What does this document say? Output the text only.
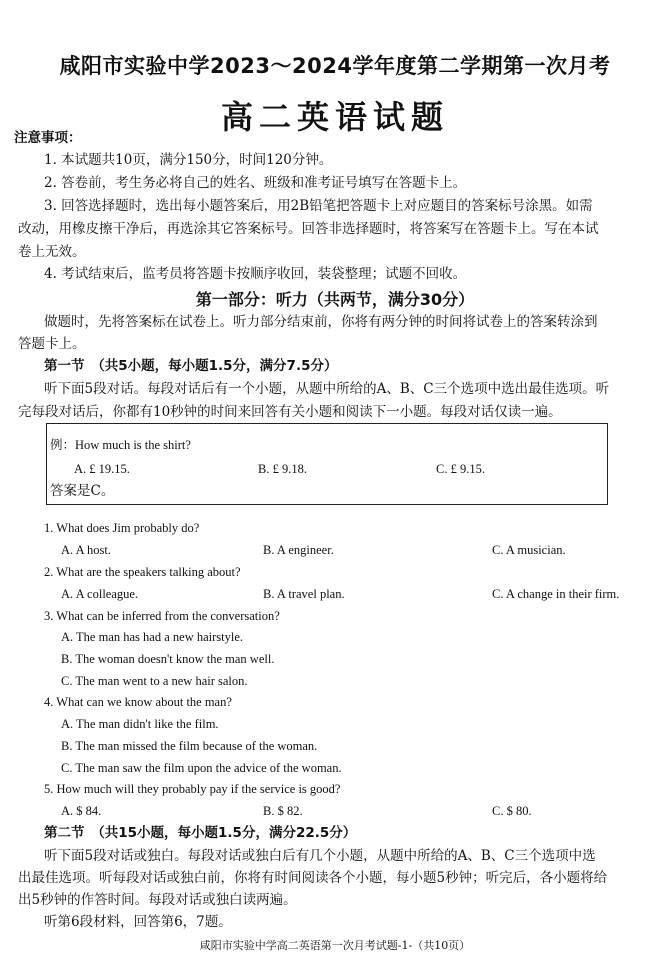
咸阳市实验中学2023～2024学年度第二学期第一次月考
高二英语试题
注意事项：
1. 本试题共10页，满分150分，时间120分钟。
2. 答卷前，考生务必将自己的姓名、班级和准考证号填写在答题卡上。
3. 回答选择题时，选出每小题答案后，用2B铅笔把答题卡上对应题目的答案标号涂黑。如需
改动，用橡皮擦干净后，再选涂其它答案标号。回答非选择题时，将答案写在答题卡上。写在本试
卷上无效。
4. 考试结束后，监考员将答题卡按顺序收回，装袋整理；试题不回收。
第一部分：听力（共两节，满分30分）
做题时，先将答案标在试卷上。听力部分结束前，你将有两分钟的时间将试卷上的答案转涂到
答题卡上。
第一节　（共5小题，每小题1.5分，满分7.5分）
听下面5段对话。每段对话后有一个小题，从题中所给的A、B、C三个选项中选出最佳选项。听
完每段对话后，你都有10秒钟的时间来回答有关小题和阅读下一小题。每段对话仅读一遍。
例：How much is the shirt?
A. £ 19.15.	B. £ 9.18.	C. £ 9.15.
答案是C。
1. What does Jim probably do?
A. A host.	B. A engineer.	C. A musician.
2. What are the speakers talking about?
A. A colleague.	B. A travel plan.	C. A change in their firm.
3. What can be inferred from the conversation?
A. The man has had a new hairstyle.
B. The woman doesn't know the man well.
C. The man went to a new hair salon.
4. What can we know about the man?
A. The man didn't like the film.
B. The man missed the film because of the woman.
C. The man saw the film upon the advice of the woman.
5. How much will they probably pay if the service is good?
A. $ 84.	B. $ 82.	C. $ 80.
第二节　（共15小题，每小题1.5分，满分22.5分）
听下面5段对话或独白。每段对话或独白后有几个小题，从题中所给的A、B、C三个选项中选
出最佳选项。听每段对话或独白前，你将有时间阅读各个小题，每小题5秒钟；听完后，各小题将给
出5秒钟的作答时间。每段对话或独白读两遍。
听第6段材料，回答第6，7题。
咸阳市实验中学高二英语第一次月考试题-1-（共10页）
